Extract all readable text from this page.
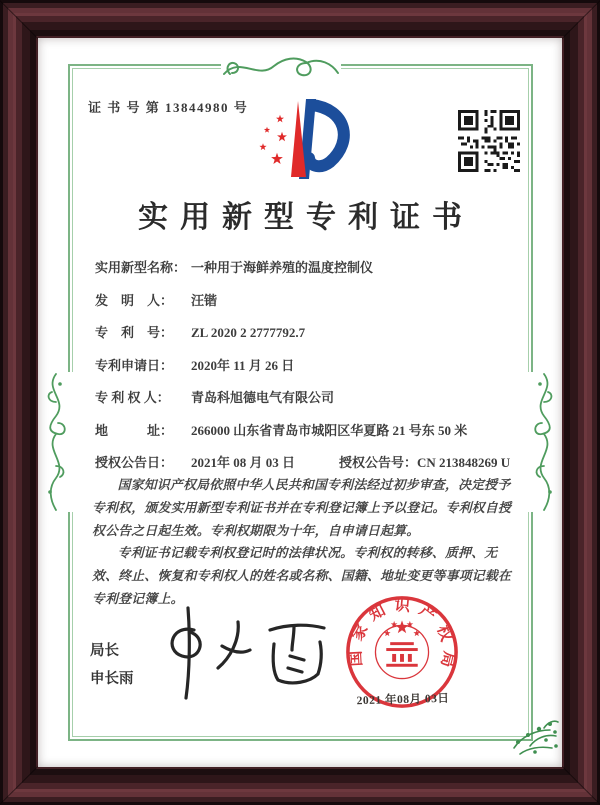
证 书 号 第 13844980 号
实用新型专利证书
实用新型名称： 一种用于海鲜养殖的温度控制仪
发　明　人： 汪锴
专　利　号： ZL 2020 2 2777792.7
专利申请日： 2020年 11 月 26 日
专 利 权 人： 青岛科旭德电气有限公司
地　　　址： 266000 山东省青岛市城阳区华夏路 21 号东 50 米
授权公告日： 2021年 08 月 03 日	授权公告号：CN 213848269 U

国家知识产权局依照中华人民共和国专利法经过初步审查，决定授予专利权，颁发实用新型专利证书并在专利登记簿上予以登记。专利权自授权公告之日起生效。专利权期限为十年，自申请日起算。

专利证书记载专利权登记时的法律状况。专利权的转移、质押、无效、终止、恢复和专利权人的姓名或名称、国籍、地址变更等事项记载在专利登记簿上。

局长
申长雨
国家知识产权局
2021 年08月 03日
